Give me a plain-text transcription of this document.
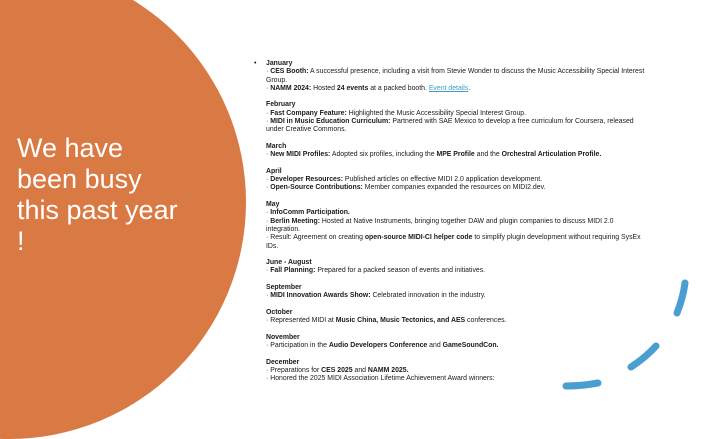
We have
been busy
this past year
!
• January
· CES Booth: A successful presence, including a visit from Stevie Wonder to discuss the Music Accessibility Special Interest Group.
· NAMM 2024: Hosted 24 events at a packed booth. Event details.
February
· Fast Company Feature: Highlighted the Music Accessibility Special Interest Group.
· MIDI in Music Education Curriculum: Partnered with SAE Mexico to develop a free curriculum for Coursera, released under Creative Commons.
March
· New MIDI Profiles: Adopted six profiles, including the MPE Profile and the Orchestral Articulation Profile.
April
· Developer Resources: Published articles on effective MIDI 2.0 application development.
· Open-Source Contributions: Member companies expanded the resources on MIDI2.dev.
May
· InfoComm Participation.
· Berlin Meeting: Hosted at Native Instruments, bringing together DAW and plugin companies to discuss MIDI 2.0 integration.
· Result: Agreement on creating open-source MIDI-CI helper code to simplify plugin development without requiring SysEx IDs.
June - August
· Fall Planning: Prepared for a packed season of events and initiatives.
September
· MIDI Innovation Awards Show: Celebrated innovation in the industry.
October
· Represented MIDI at Music China, Music Tectonics, and AES conferences.
November
· Participation in the Audio Developers Conference and GameSoundCon.
December
· Preparations for CES 2025 and NAMM 2025.
· Honored the 2025 MIDI Association Lifetime Achievement Award winners:
